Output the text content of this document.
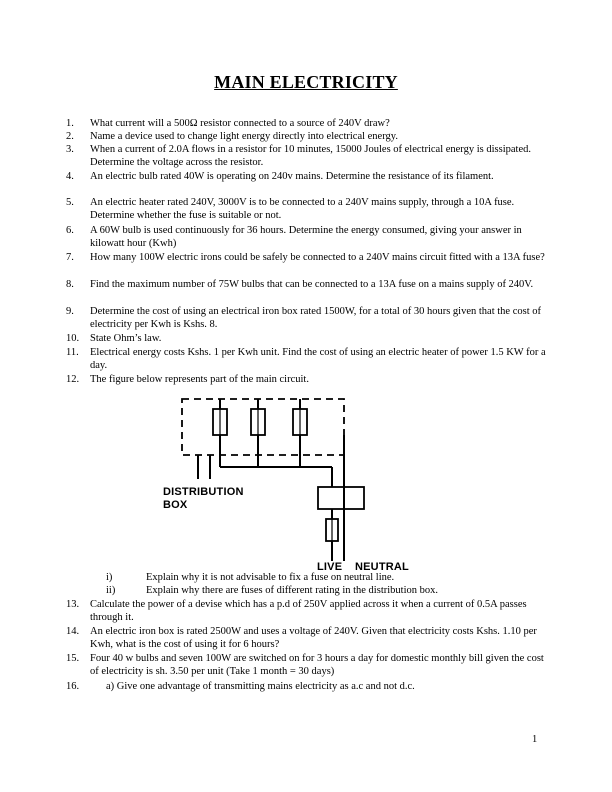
MAIN ELECTRICITY
1.	What current will a 500Ω resistor connected to a source of 240V draw?
2.	Name a device used to change light energy directly into electrical energy.
3.	When a current of 2.0A flows in a resistor for 10 minutes, 15000 Joules of electrical energy is dissipated. Determine the voltage across the resistor.
4.	An electric bulb rated 40W is operating on 240v mains. Determine the resistance of its filament.
5.	An electric heater rated 240V, 3000V is to be connected to a 240V mains supply, through a 10A fuse. Determine whether the fuse is suitable or not.
6.	A 60W bulb is used continuously for 36 hours. Determine the energy consumed, giving your answer in kilowatt hour (Kwh)
7.	How many 100W electric irons could be safely be connected to a 240V mains circuit fitted with a 13A fuse?
8.	Find the maximum number of 75W bulbs that can be connected to a 13A fuse on a mains supply of 240V.
9.	Determine the cost of using an electrical iron box rated 1500W, for a total of 30 hours given that the cost of electricity per Kwh is Kshs. 8.
10.	State Ohm’s law.
11.	Electrical energy costs Kshs. 1 per Kwh unit. Find the cost of using an electric heater of power 1.5 KW for a day.
12.	The figure below represents part of the main circuit.
DISTRIBUTION
BOX
LIVE NEUTRAL
i)	Explain why it is not advisable to fix a fuse on neutral line.
ii)	Explain why there are fuses of different rating in the distribution box.
13.	Calculate the power of a devise which has a p.d of 250V applied across it when a current of 0.5A passes through it.
14.	An electric iron box is rated 2500W and uses a voltage of 240V. Given that electricity costs Kshs. 1.10 per Kwh, what is the cost of using it for 6 hours?
15.	Four 40 w bulbs and seven 100W are switched on for 3 hours a day for domestic monthly bill given the cost of electricity is sh. 3.50 per unit (Take 1 month = 30 days)
16.	a) Give one advantage of transmitting mains electricity as a.c and not d.c.
1
